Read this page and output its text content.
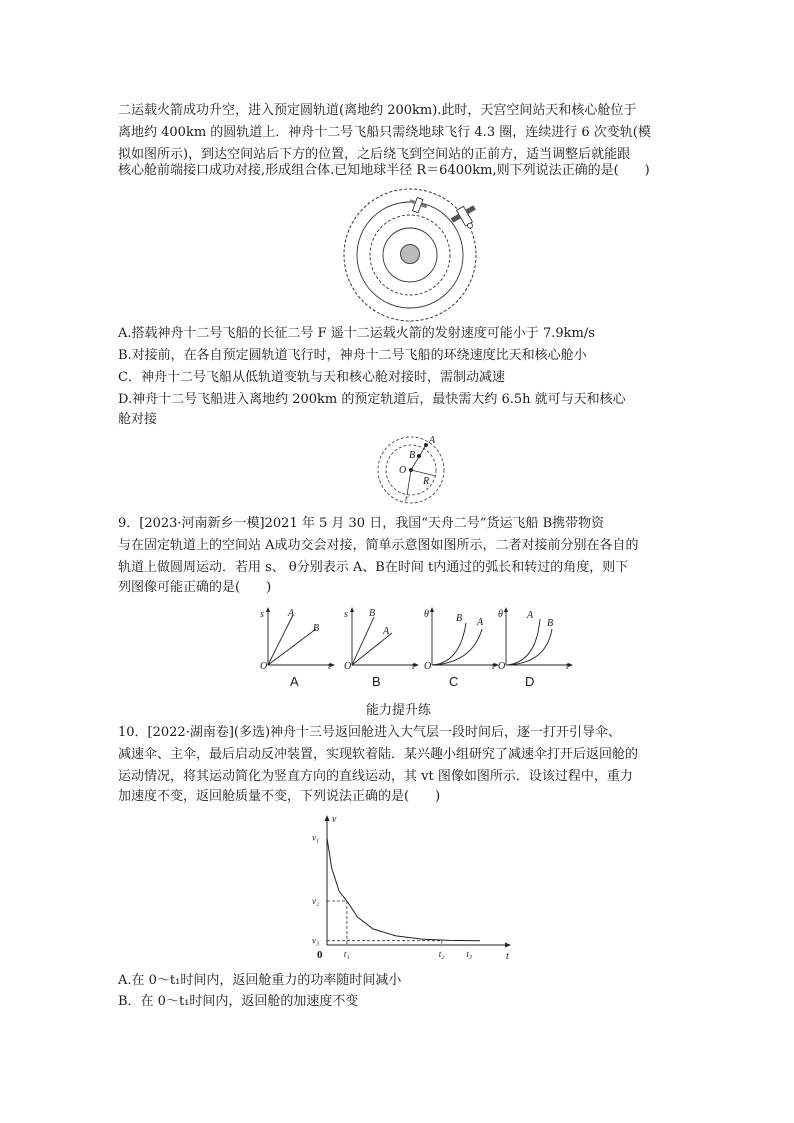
二运载火箭成功升空，进入预定圆轨道(离地约 200km).此时，天宫空间站天和核心舱位于
离地约 400km 的圆轨道上．神舟十二号飞船只需绕地球飞行 4.3 圈，连续进行 6 次变轨(模
拟如图所示)，到达空间站后下方的位置，之后绕飞到空间站的正前方，适当调整后就能跟
核心舱前端接口成功对接,形成组合体.已知地球半径 R＝6400km,则下列说法正确的是(　　)
A.搭载神舟十二号飞船的长征二号 F 遥十二运载火箭的发射速度可能小于 7.9km/s
B.对接前，在各自预定圆轨道飞行时，神舟十二号飞船的环绕速度比天和核心舱小
C．神舟十二号飞船从低轨道变轨与天和核心舱对接时，需制动减速
D.神舟十二号飞船进入离地约 200km 的预定轨道后，最快需大约 6.5h 就可与天和核心
舱对接
A
B
O
R
r
9．[2023·河南新乡一模]2021 年 5 月 30 日，我国“天舟二号”货运飞船 B携带物资
与在固定轨道上的空间站 A成功交会对接，简单示意图如图所示，二者对接前分别在各自的
轨道上做圆周运动．若用 s、 θ分别表示 A、B在时间 t内通过的弧长和转过的角度，则下
列图像可能正确的是(　　)
s A
B
O	t
A
s B
A
O	t
B
θ	B A
O	t
C
θ A
B
O	t
D
能力提升练
10．[2022·湖南卷](多选)神舟十三号返回舱进入大气层一段时间后，逐一打开引导伞、
减速伞、主伞，最后启动反冲装置，实现软着陆．某兴趣小组研究了减速伞打开后返回舱的
运动情况，将其运动简化为竖直方向的直线运动，其 vt 图像如图所示．设该过程中，重力
加速度不变，返回舱质量不变，下列说法正确的是(　　)
v
t
0
v₁
v₂
v₃
t₁	t₂ t₃
A.在 0～t₁时间内，返回舱重力的功率随时间减小
B．在 0～t₁时间内，返回舱的加速度不变
